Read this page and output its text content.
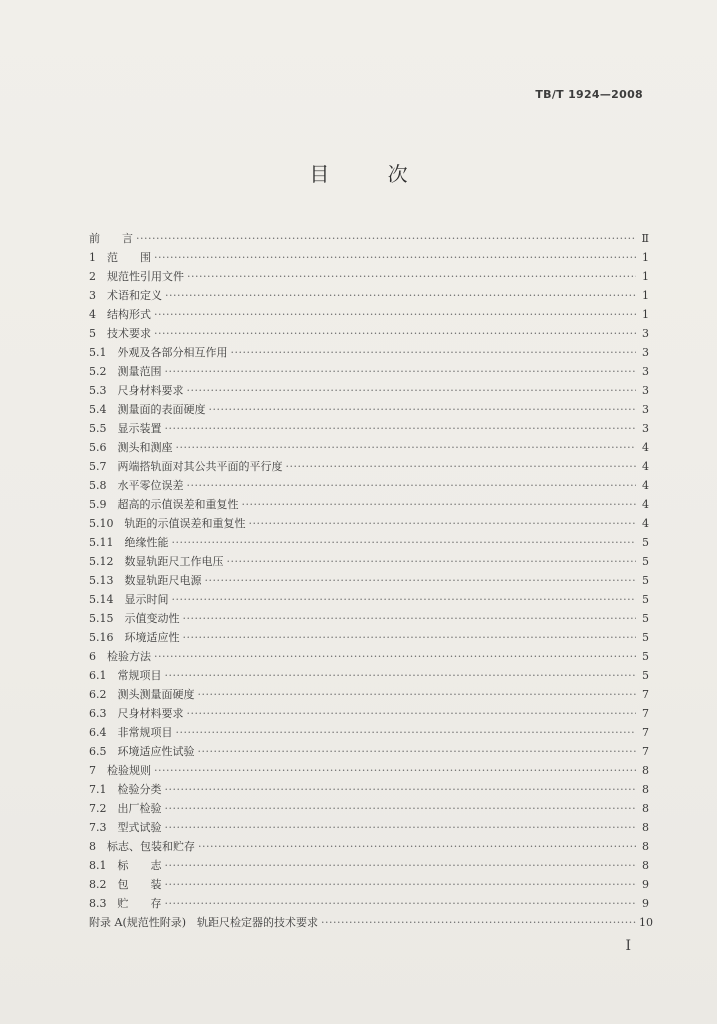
TB/T 1924—2008
目 次
前　　言 ·····	Ⅱ
1　范　　围 ·····	1
2　规范性引用文件 ·····	1
3　术语和定义 ·····	1
4　结构形式 ·····	1
5　技术要求 ·····	3
5.1　外观及各部分相互作用 ·····	3
5.2　测量范围 ·····	3
5.3　尺身材料要求 ·····	3
5.4　测量面的表面硬度 ·····	3
5.5　显示装置 ·····	3
5.6　测头和测座 ·····	4
5.7　两端搭轨面对其公共平面的平行度 ·····	4
5.8　水平零位误差 ·····	4
5.9　超高的示值误差和重复性 ·····	4
5.10　轨距的示值误差和重复性 ·····	4
5.11　绝缘性能 ·····	5
5.12　数显轨距尺工作电压 ·····	5
5.13　数显轨距尺电源 ·····	5
5.14　显示时间 ·····	5
5.15　示值变动性 ·····	5
5.16　环境适应性 ·····	5
6　检验方法 ·····	5
6.1　常规项目 ·····	5
6.2　测头测量面硬度 ·····	7
6.3　尺身材料要求 ·····	7
6.4　非常规项目 ·····	7
6.5　环境适应性试验 ·····	7
7　检验规则 ·····	8
7.1　检验分类 ·····	8
7.2　出厂检验 ·····	8
7.3　型式试验 ·····	8
8　标志、包装和贮存 ·····	8
8.1　标　　志 ·····	8
8.2　包　　装 ·····	9
8.3　贮　　存 ·····	9
附录 A(规范性附录)　轨距尺检定器的技术要求 ·····	10
Ⅰ
